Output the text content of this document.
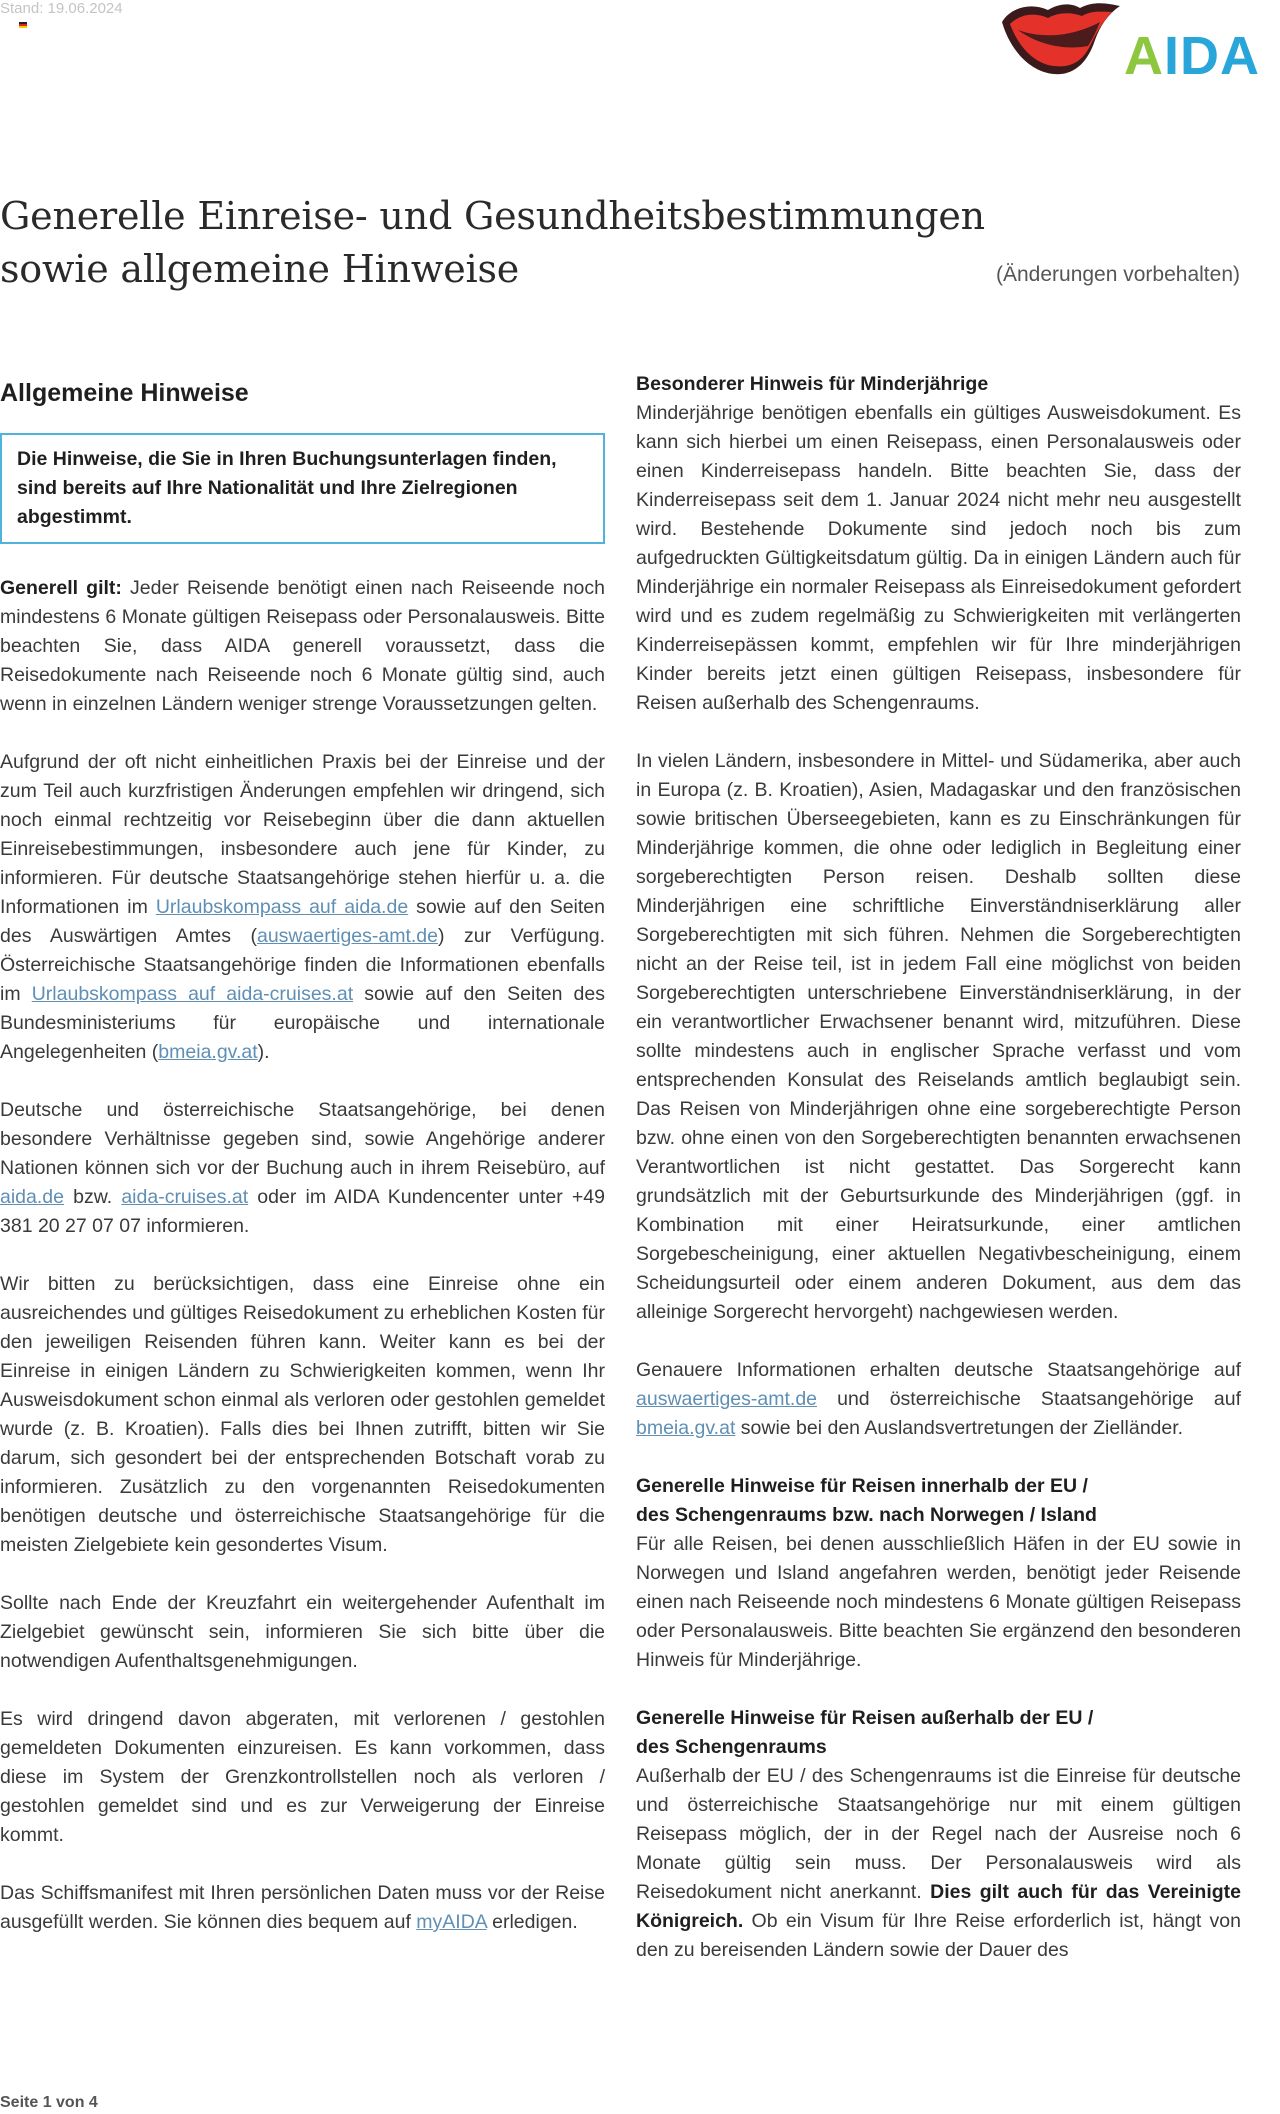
Stand: 19.06.2024
AIDA
Generelle Einreise- und Gesundheitsbestimmungen
sowie allgemeine Hinweise	(Änderungen vorbehalten)
Allgemeine Hinweise
Die Hinweise, die Sie in Ihren Buchungsunterlagen finden, sind bereits auf Ihre Nationalität und Ihre Zielregionen abgestimmt.

Generell gilt: Jeder Reisende benötigt einen nach Reiseende noch mindestens 6 Monate gültigen Reisepass oder Personalausweis. Bitte beachten Sie, dass AIDA generell voraussetzt, dass die Reisedokumente nach Reiseende noch 6 Monate gültig sind, auch wenn in einzelnen Ländern weniger strenge Voraussetzungen gelten.

Aufgrund der oft nicht einheitlichen Praxis bei der Einreise und der zum Teil auch kurzfristigen Änderungen empfehlen wir dringend, sich noch einmal rechtzeitig vor Reisebeginn über die dann aktuellen Einreisebestimmungen, insbesondere auch jene für Kinder, zu informieren. Für deutsche Staatsangehörige stehen hierfür u. a. die Informationen im Urlaubskompass auf aida.de sowie auf den Seiten des Auswärtigen Amtes (auswaertiges-amt.de) zur Verfügung. Österreichische Staatsangehörige finden die Informationen ebenfalls im Urlaubskompass auf aida-cruises.at sowie auf den Seiten des Bundesministeriums für europäische und internationale Angelegenheiten (bmeia.gv.at).

Deutsche und österreichische Staatsangehörige, bei denen besondere Verhältnisse gegeben sind, sowie Angehörige anderer Nationen können sich vor der Buchung auch in ihrem Reisebüro, auf aida.de bzw. aida-cruises.at oder im AIDA Kundencenter unter +49 381 20 27 07 07 informieren.

Wir bitten zu berücksichtigen, dass eine Einreise ohne ein ausreichendes und gültiges Reisedokument zu erheblichen Kosten für den jeweiligen Reisenden führen kann. Weiter kann es bei der Einreise in einigen Ländern zu Schwierigkeiten kommen, wenn Ihr Ausweisdokument schon einmal als verloren oder gestohlen gemeldet wurde (z. B. Kroatien). Falls dies bei Ihnen zutrifft, bitten wir Sie darum, sich gesondert bei der entsprechenden Botschaft vorab zu informieren. Zusätzlich zu den vorgenannten Reisedokumenten benötigen deutsche und österreichische Staatsangehörige für die meisten Zielgebiete kein gesondertes Visum.

Sollte nach Ende der Kreuzfahrt ein weitergehender Aufenthalt im Zielgebiet gewünscht sein, informieren Sie sich bitte über die notwendigen Aufenthaltsgenehmigungen.

Es wird dringend davon abgeraten, mit verlorenen / gestohlen gemeldeten Dokumenten einzureisen. Es kann vorkommen, dass diese im System der Grenzkontrollstellen noch als verloren / gestohlen gemeldet sind und es zur Verweigerung der Einreise kommt.

Das Schiffsmanifest mit Ihren persönlichen Daten muss vor der Reise ausgefüllt werden. Sie können dies bequem auf myAIDA erledigen.

Besonderer Hinweis für Minderjährige

Minderjährige benötigen ebenfalls ein gültiges Ausweisdokument. Es kann sich hierbei um einen Reisepass, einen Personalausweis oder einen Kinderreisepass handeln. Bitte beachten Sie, dass der Kinderreisepass seit dem 1. Januar 2024 nicht mehr neu ausgestellt wird. Bestehende Dokumente sind jedoch noch bis zum aufgedruckten Gültigkeitsdatum gültig. Da in einigen Ländern auch für Minderjährige ein normaler Reisepass als Einreisedokument gefordert wird und es zudem regelmäßig zu Schwierigkeiten mit verlängerten Kinderreisepässen kommt, empfehlen wir für Ihre minderjährigen Kinder bereits jetzt einen gültigen Reisepass, insbesondere für Reisen außerhalb des Schengenraums.

In vielen Ländern, insbesondere in Mittel- und Südamerika, aber auch in Europa (z. B. Kroatien), Asien, Madagaskar und den französischen sowie britischen Überseegebieten, kann es zu Einschränkungen für Minderjährige kommen, die ohne oder lediglich in Begleitung einer sorgeberechtigten Person reisen. Deshalb sollten diese Minderjährigen eine schriftliche Einverständniserklärung aller Sorgeberechtigten mit sich führen. Nehmen die Sorgeberechtigten nicht an der Reise teil, ist in jedem Fall eine möglichst von beiden Sorgeberechtigten unterschriebene Einverständniserklärung, in der ein verantwortlicher Erwachsener benannt wird, mitzuführen. Diese sollte mindestens auch in englischer Sprache verfasst und vom entsprechenden Konsulat des Reiselands amtlich beglaubigt sein. Das Reisen von Minderjährigen ohne eine sorgeberechtigte Person bzw. ohne einen von den Sorgeberechtigten benannten erwachsenen Verantwortlichen ist nicht gestattet. Das Sorgerecht kann grundsätzlich mit der Geburtsurkunde des Minderjährigen (ggf. in Kombination mit einer Heiratsurkunde, einer amtlichen Sorgebescheinigung, einer aktuellen Negativbescheinigung, einem Scheidungsurteil oder einem anderen Dokument, aus dem das alleinige Sorgerecht hervorgeht) nachgewiesen werden.

Genauere Informationen erhalten deutsche Staatsangehörige auf auswaertiges-amt.de und österreichische Staatsangehörige auf bmeia.gv.at sowie bei den Auslandsvertretungen der Zielländer.

Generelle Hinweise für Reisen innerhalb der EU /
des Schengenraums bzw. nach Norwegen / Island

Für alle Reisen, bei denen ausschließlich Häfen in der EU sowie in Norwegen und Island angefahren werden, benötigt jeder Reisende einen nach Reiseende noch mindestens 6 Monate gültigen Reisepass oder Personalausweis. Bitte beachten Sie ergänzend den besonderen Hinweis für Minderjährige.

Generelle Hinweise für Reisen außerhalb der EU /
des Schengenraums

Außerhalb der EU / des Schengenraums ist die Einreise für deutsche und österreichische Staatsangehörige nur mit einem gültigen Reisepass möglich, der in der Regel nach der Ausreise noch 6 Monate gültig sein muss. Der Personalausweis wird als Reisedokument nicht anerkannt. Dies gilt auch für das Vereinigte Königreich. Ob ein Visum für Ihre Reise erforderlich ist, hängt von den zu bereisenden Ländern sowie der Dauer des

Seite 1 von 4
